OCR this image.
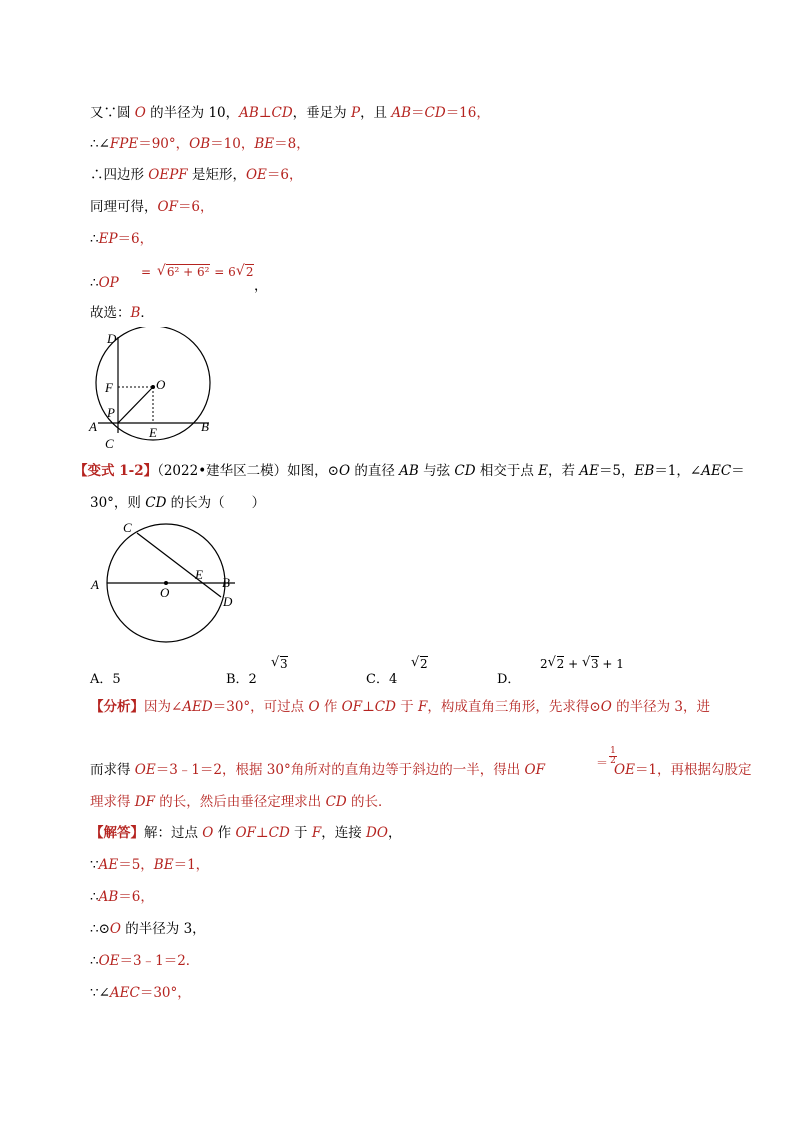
又∵圆 O 的半径为 10，AB⊥CD，垂足为 P，且 AB＝CD＝16，
∴∠FPE＝90°，OB＝10，BE＝8，
∴四边形 OEPF 是矩形，OE＝6，
同理可得，OF＝6，
∴EP＝6，
∴OP
= √ 6² + 6² = 6 √ 2
，
故选：B．
D
F	O
P
A
C
E	B
【变式 1-2】（2022•建华区二模）如图，⊙O 的直径 AB 与弦 CD 相交于点 E，若 AE＝5，EB＝1，∠AEC＝
30°，则 CD 的长为（　　）
C
A
E
B
O
D
A．5	B．2
√ 3
C．4
√ 2
D．
2 √ 2 + √ 3 + 1
【分析】因为∠AED＝30°，可过点 O 作 OF⊥CD 于 F，构成直角三角形，先求得⊙O 的半径为 3，进
而求得 OE＝3﹣1＝2，根据 30°角所对的直角边等于斜边的一半，得出 OF	＝ $\frac{1}{2}$
OE＝1，再根据勾股定
理求得 DF 的长，然后由垂径定理求出 CD 的长．
【解答】解：过点 O 作 OF⊥CD 于 F，连接 DO，
∵AE＝5，BE＝1，
∴AB＝6，
∴⊙O 的半径为 3，
∴OE＝3﹣1＝2．
∵∠AEC＝30°，
